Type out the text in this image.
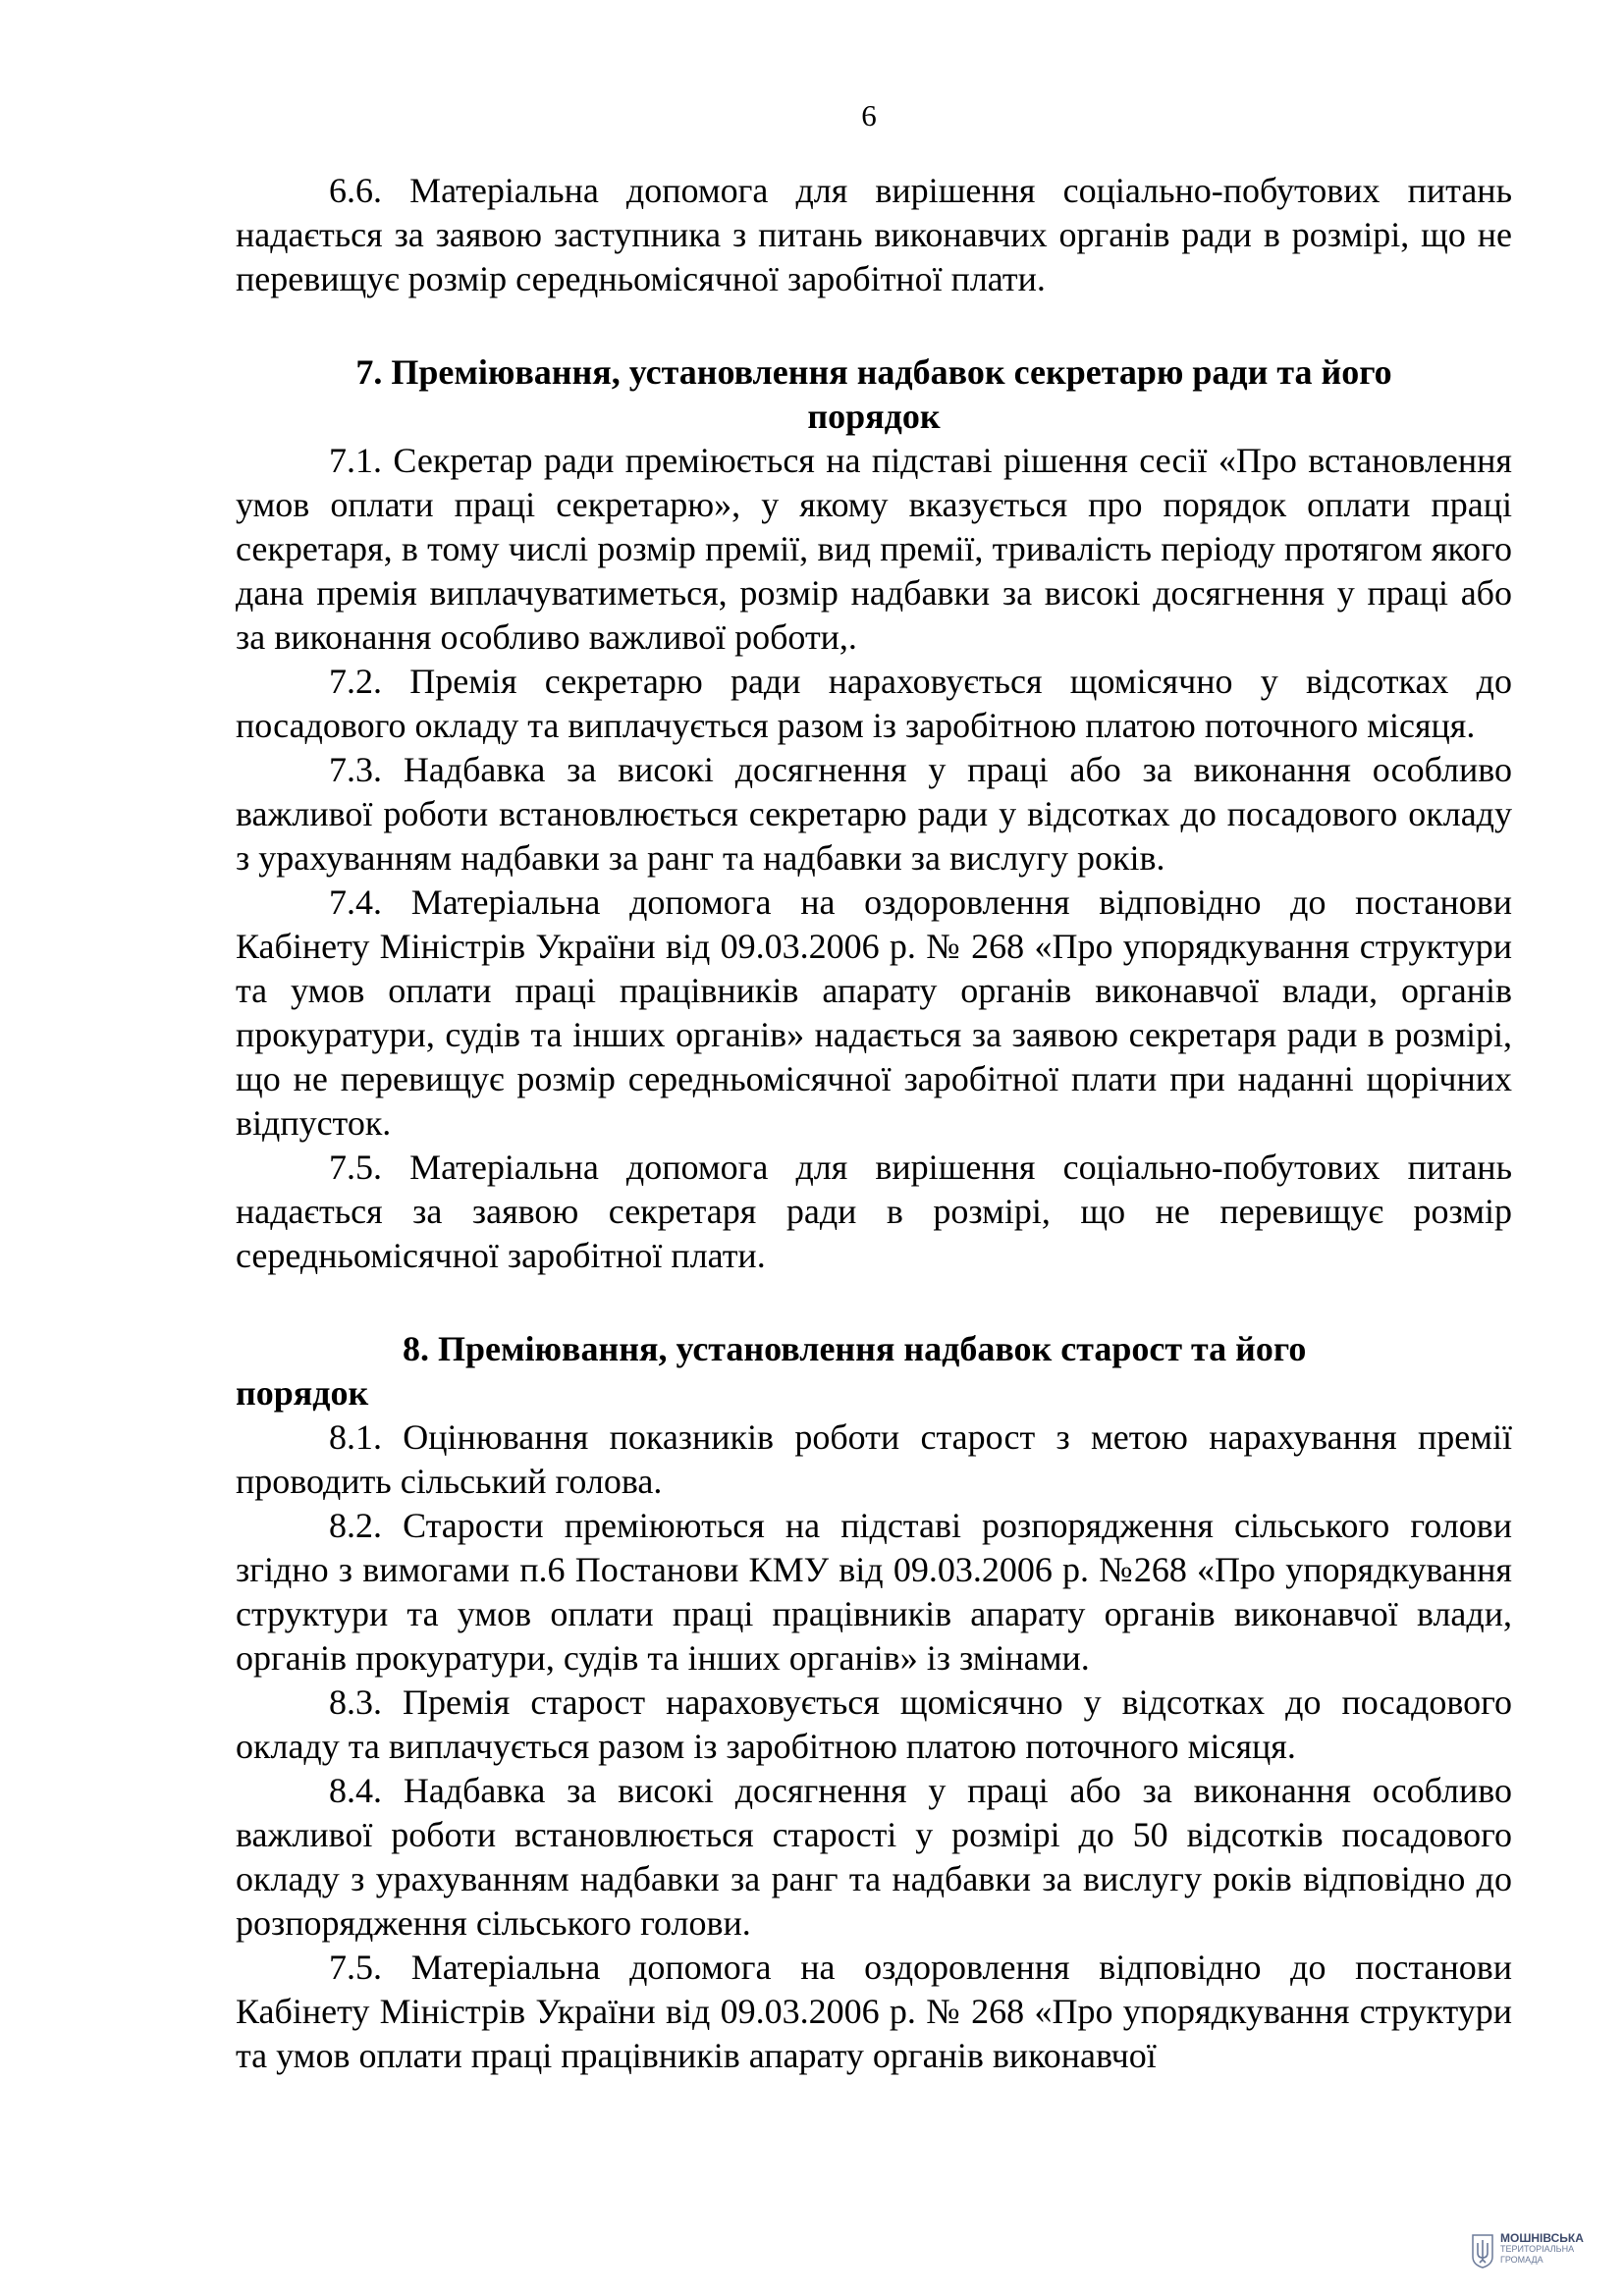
6

6.6. Матеріальна допомога для вирішення соціально-побутових питань надається за заявою заступника з питань виконавчих органів ради в розмірі, що не перевищує розмір середньомісячної заробітної плати.

7. Преміювання, установлення надбавок секретарю ради та його

порядок

7.1. Секретар ради преміюється на підставі рішення сесії «Про встановлення умов оплати праці секретарю», у якому вказується про порядок оплати праці секретаря, в тому числі розмір премії, вид премії, тривалість періоду протягом якого дана премія виплачуватиметься, розмір надбавки за високі досягнення у праці або за виконання особливо важливої роботи,.

7.2. Премія секретарю ради нараховується щомісячно у відсотках до посадового окладу та виплачується разом із заробітною платою поточного місяця.

7.3. Надбавка за високі досягнення у праці або за виконання особливо важливої роботи встановлюється секретарю ради у відсотках до посадового окладу з урахуванням надбавки за ранг та надбавки за вислугу років.

7.4. Матеріальна допомога на оздоровлення відповідно до постанови Кабінету Міністрів України від 09.03.2006 р. № 268 «Про упорядкування структури та умов оплати праці працівників апарату органів виконавчої влади, органів прокуратури, судів та інших органів» надається за заявою секретаря ради в розмірі, що не перевищує розмір середньомісячної заробітної плати при наданні щорічних відпусток.

7.5. Матеріальна допомога для вирішення соціально-побутових питань надається за заявою секретаря ради в розмірі, що не перевищує розмір середньомісячної заробітної плати.

8. Преміювання, установлення надбавок старост та його

порядок

8.1. Оцінювання показників роботи старост з метою нарахування премії проводить сільський голова.

8.2. Старости преміюються на підставі розпорядження сільського голови згідно з вимогами п.6 Постанови КМУ від 09.03.2006 р. №268 «Про упорядкування структури та умов оплати праці працівників апарату органів виконавчої влади, органів прокуратури, судів та інших органів» із змінами.

8.3. Премія старост нараховується щомісячно у відсотках до посадового окладу та виплачується разом із заробітною платою поточного місяця.

8.4. Надбавка за високі досягнення у праці або за виконання особливо важливої роботи встановлюється старості у розмірі до 50 відсотків посадового окладу з урахуванням надбавки за ранг та надбавки за вислугу років відповідно до розпорядження сільського голови.

7.5. Матеріальна допомога на оздоровлення відповідно до постанови Кабінету Міністрів України від 09.03.2006 р. № 268 «Про упорядкування структури та умов оплати праці працівників апарату органів виконавчої

МОШНІВСЬКА
ТЕРИТОРІАЛЬНА
ГРОМАДА
